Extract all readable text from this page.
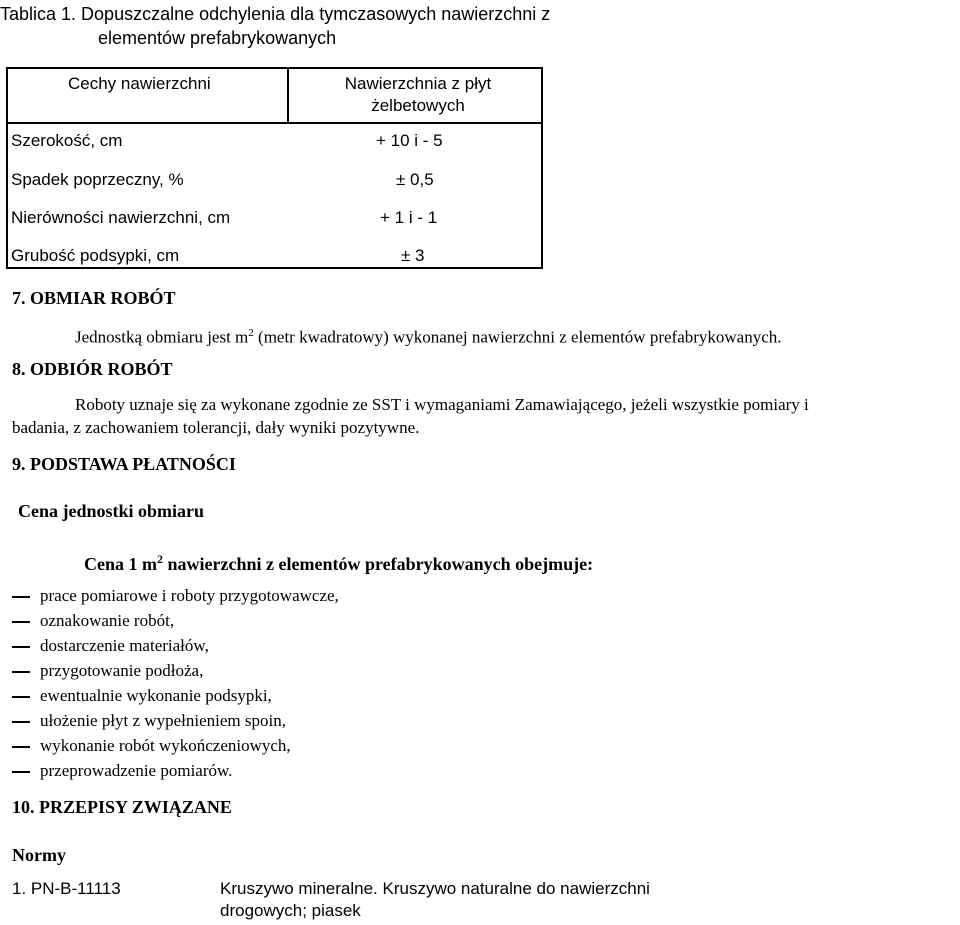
Tablica 1. Dopuszczalne odchylenia dla tymczasowych nawierzchni z
elementów prefabrykowanych
Cechy nawierzchni	Nawierzchnia z płyt
żelbetowych
Szerokość, cm	+ 10 i - 5
Spadek poprzeczny, %	± 0,5
Nierówności nawierzchni, cm	+ 1 i - 1
Grubość podsypki, cm	± 3
7. OBMIAR ROBÓT
Jednostką obmiaru jest $m^2$ (metr kwadratowy) wykonanej nawierzchni z elementów prefabrykowanych.
8. ODBIÓR ROBÓT
Roboty uznaje się za wykonane zgodnie ze SST i wymaganiami Zamawiającego, jeżeli wszystkie pomiary i
badania, z zachowaniem tolerancji, dały wyniki pozytywne.
9. PODSTAWA PŁATNOŚCI
Cena jednostki obmiaru
Cena 1 $m^2$ nawierzchni z elementów prefabrykowanych obejmuje:
prace pomiarowe i roboty przygotowawcze,
oznakowanie robót,
dostarczenie materiałów,
przygotowanie podłoża,
ewentualnie wykonanie podsypki,
ułożenie płyt z wypełnieniem spoin,
wykonanie robót wykończeniowych,
przeprowadzenie pomiarów.
10. PRZEPISY ZWIĄZANE
Normy
1. PN-B-11113	Kruszywo mineralne. Kruszywo naturalne do nawierzchni
drogowych; piasek
